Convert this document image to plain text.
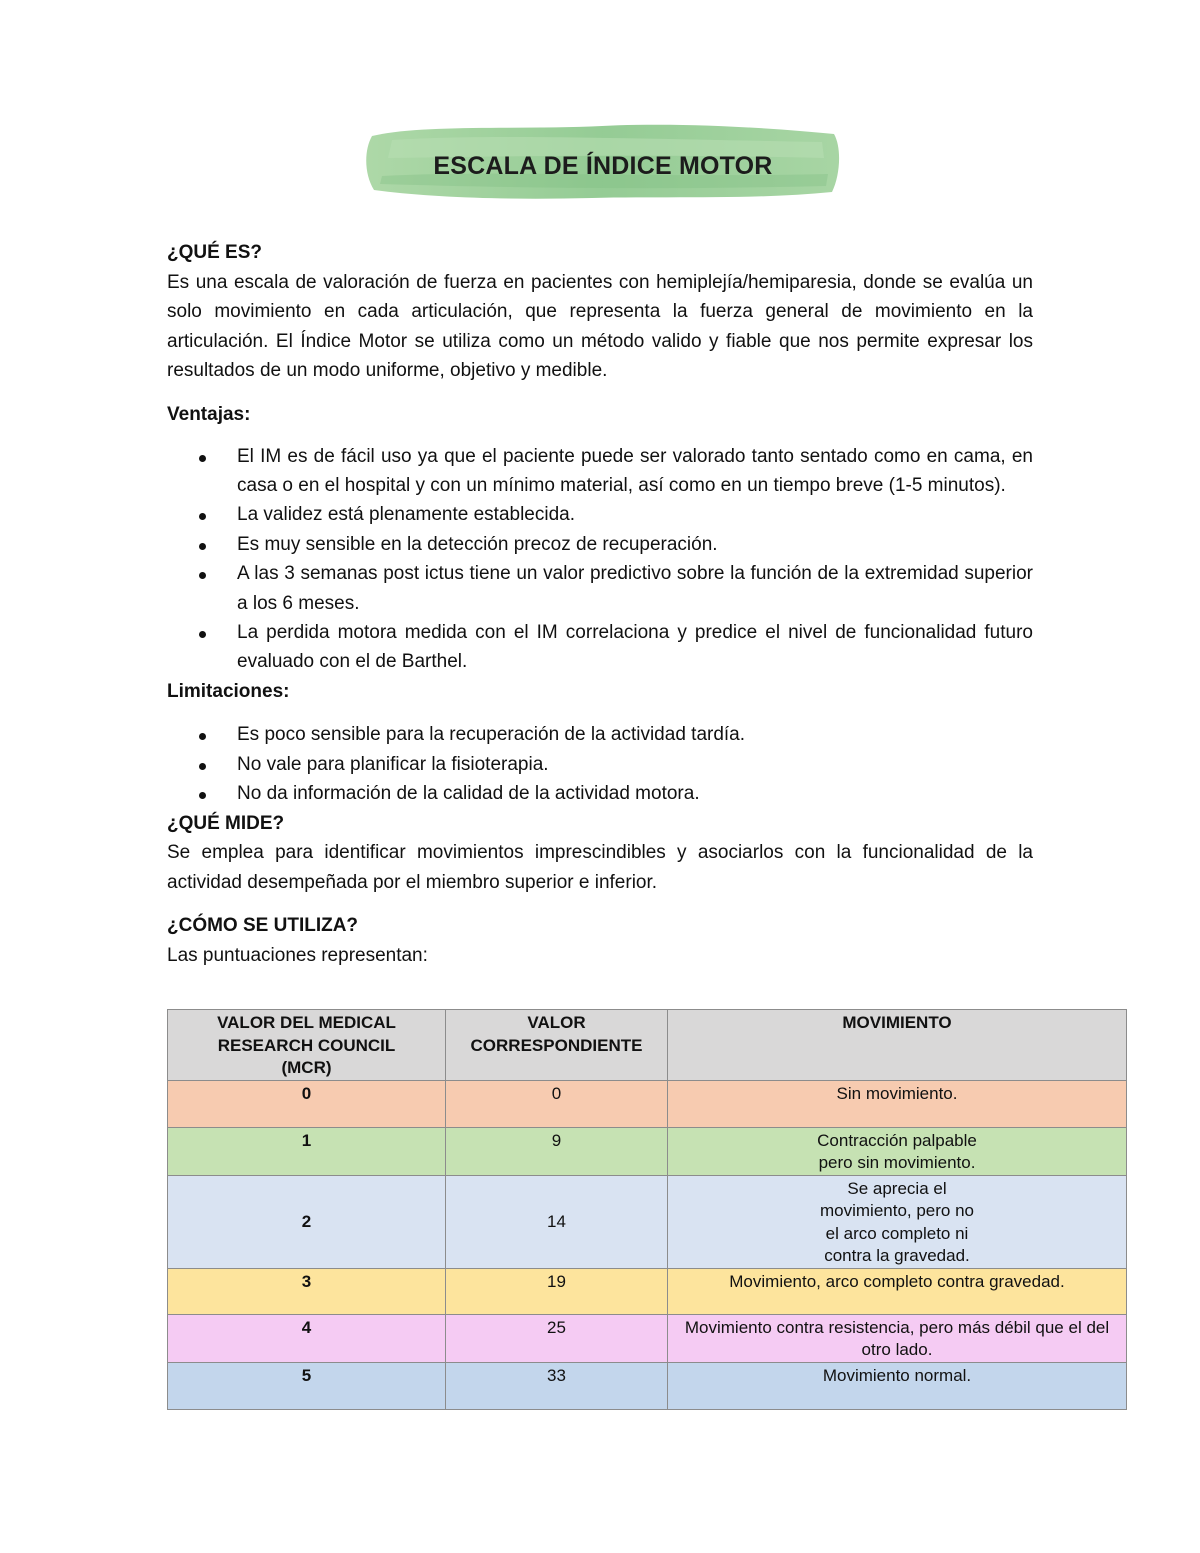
ESCALA DE ÍNDICE MOTOR

¿QUÉ ES?

Es una escala de valoración de fuerza en pacientes con hemiplejía/hemiparesia, donde se evalúa un solo movimiento en cada articulación, que representa la fuerza general de movimiento en la articulación. El Índice Motor se utiliza como un método valido y fiable que nos permite expresar los resultados de un modo uniforme, objetivo y medible.

Ventajas:

El IM es de fácil uso ya que el paciente puede ser valorado tanto sentado como en cama, en casa o en el hospital y con un mínimo material, así como en un tiempo breve (1-5 minutos).
La validez está plenamente establecida.
Es muy sensible en la detección precoz de recuperación.
A las 3 semanas post ictus tiene un valor predictivo sobre la función de la extremidad superior a los 6 meses.
La perdida motora medida con el IM correlaciona y predice el nivel de funcionalidad futuro evaluado con el de Barthel.

Limitaciones:

Es poco sensible para la recuperación de la actividad tardía.
No vale para planificar la fisioterapia.
No da información de la calidad de la actividad motora.

¿QUÉ MIDE?

Se emplea para identificar movimientos imprescindibles y asociarlos con la funcionalidad de la actividad desempeñada por el miembro superior e inferior.

¿CÓMO SE UTILIZA?

Las puntuaciones representan:

VALOR DEL MEDICAL RESEARCH COUNCIL (MCR)	VALOR CORRESPONDIENTE	MOVIMIENTO
0	0	Sin movimiento.
1	9	Contracción palpable pero sin movimiento.
2	14	Se aprecia el movimiento, pero no el arco completo ni contra la gravedad.
3	19	Movimiento, arco completo contra gravedad.
4	25	Movimiento contra resistencia, pero más débil que el del otro lado.
5	33	Movimiento normal.
